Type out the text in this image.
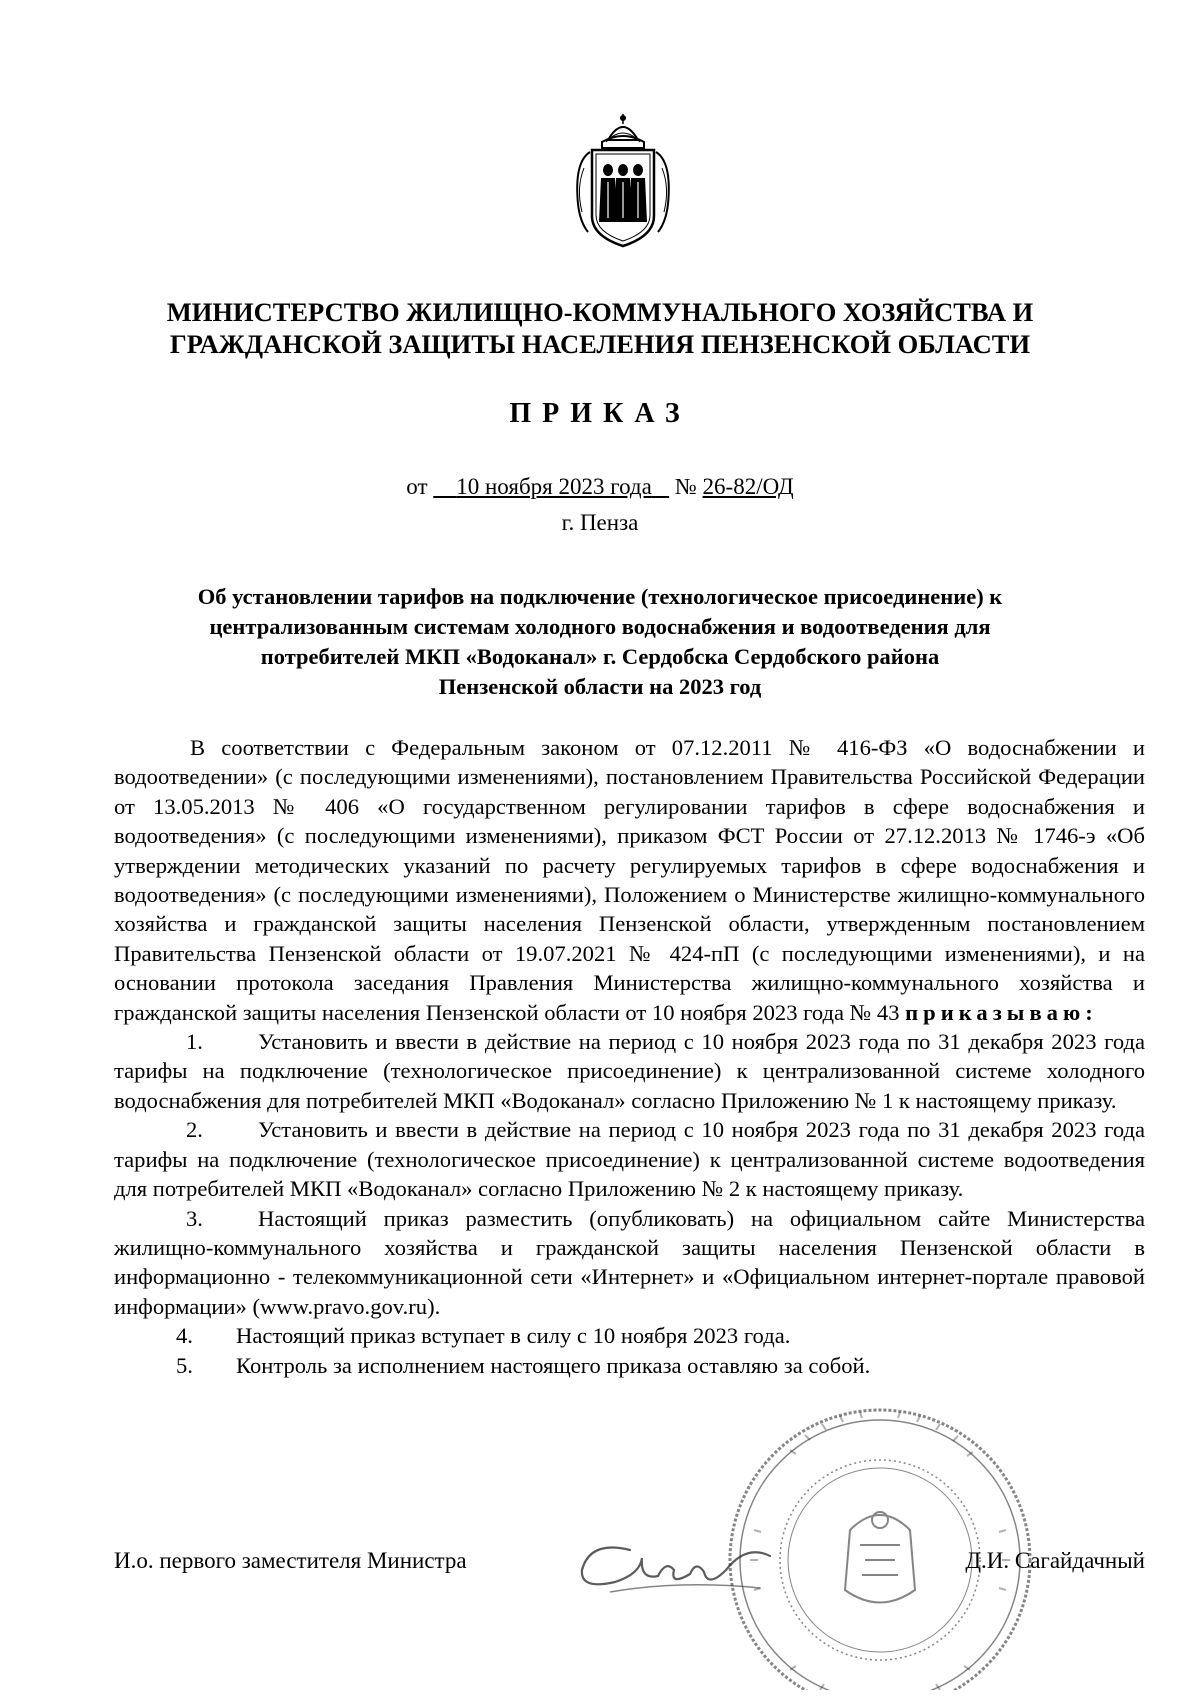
МИНИСТЕРСТВО ЖИЛИЩНО-КОММУНАЛЬНОГО ХОЗЯЙСТВА И
ГРАЖДАНСКОЙ ЗАЩИТЫ НАСЕЛЕНИЯ ПЕНЗЕНСКОЙ ОБЛАСТИ
ПРИКАЗ
от 10 ноября 2023 года № 26-82/ОД
г. Пенза
Об установлении тарифов на подключение (технологическое присоединение) к
централизованным системам холодного водоснабжения и водоотведения для
потребителей МКП «Водоканал» г. Сердобска Сердобского района
Пензенской области на 2023 год

В соответствии с Федеральным законом от 07.12.2011 № 416-ФЗ «О водоснабжении и водоотведении» (с последующими изменениями), постановлением Правительства Российской Федерации от 13.05.2013 № 406 «О государственном регулировании тарифов в сфере водоснабжения и водоотведения» (с последующими изменениями), приказом ФСТ России от 27.12.2013 № 1746-э «Об утверждении методических указаний по расчету регулируемых тарифов в сфере водоснабжения и водоотведения» (с последующими изменениями), Положением о Министерстве жилищно-коммунального хозяйства и гражданской защиты населения Пензенской области, утвержденным постановлением Правительства Пензенской области от 19.07.2021 № 424-пП (с последующими изменениями), и на основании протокола заседания Правления Министерства жилищно-коммунального хозяйства и гражданской защиты населения Пензенской области от 10 ноября 2023 года № 43 приказываю:

1. Установить и ввести в действие на период с 10 ноября 2023 года по 31 декабря 2023 года тарифы на подключение (технологическое присоединение) к централизованной системе холодного водоснабжения для потребителей МКП «Водоканал» согласно Приложению № 1 к настоящему приказу.

2. Установить и ввести в действие на период с 10 ноября 2023 года по 31 декабря 2023 года тарифы на подключение (технологическое присоединение) к централизованной системе водоотведения для потребителей МКП «Водоканал» согласно Приложению № 2 к настоящему приказу.

3. Настоящий приказ разместить (опубликовать) на официальном сайте Министерства жилищно-коммунального хозяйства и гражданской защиты населения Пензенской области в информационно - телекоммуникационной сети «Интернет» и «Официальном интернет-портале правовой информации» (www.pravo.gov.ru).

4. Настоящий приказ вступает в силу с 10 ноября 2023 года.

5. Контроль за исполнением настоящего приказа оставляю за собой.

И.о. первого заместителя Министра	Д.И. Сагайдачный
